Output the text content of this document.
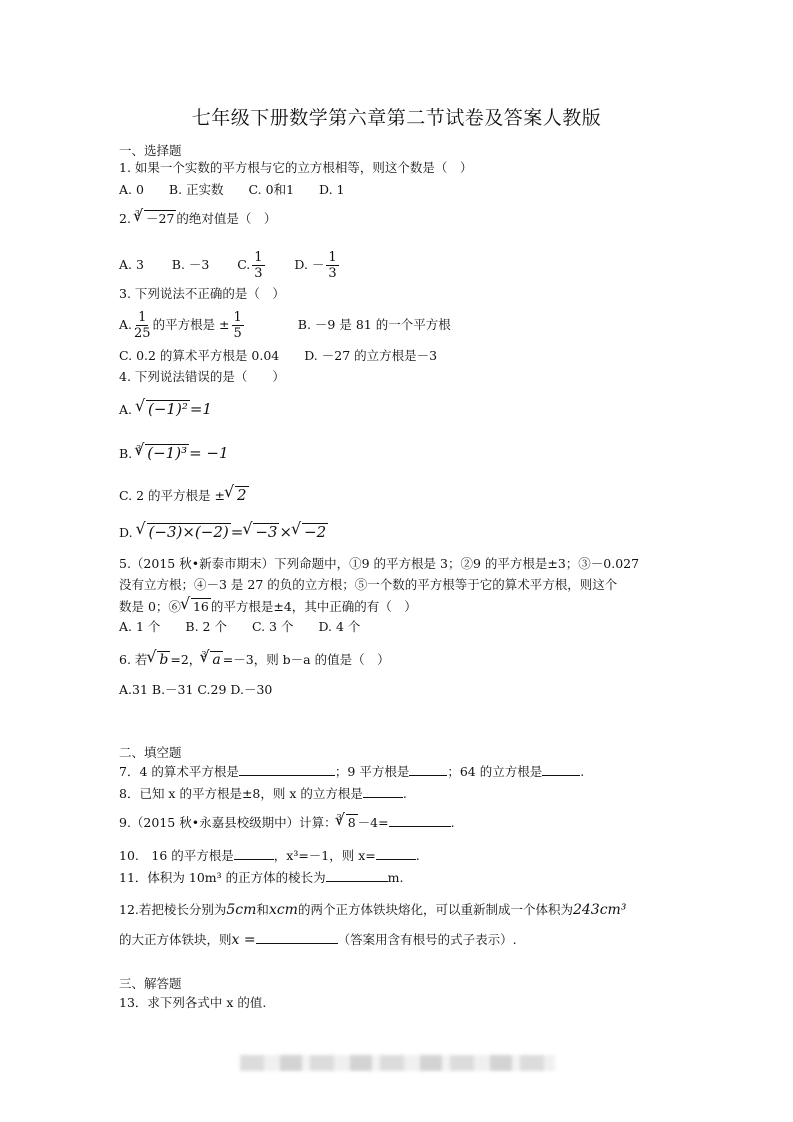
七年级下册数学第六章第二节试卷及答案人教版
一、选择题
1. 如果一个实数的平方根与它的立方根相等，则这个数是（　）
A. 0　　B. 正实数　　C. 0和1　　D. 1
2. $^3$ √ －27 的绝对值是（　）
A. 3 B. －3 C. $\frac{1}{3} D$. － $\frac{1}{3}$
3. 下列说法不正确的是（　）
A. $\frac{1}{25}$ 的平方根是 ± $\frac{1}{5}$	B. －9 是 81 的一个平方根
C. 0.2 的算术平方根是 0.04　　D. －27 的立方根是－3
4. 下列说法错误的是（　　）
A. √ (−1)² =1
B. $^3$ √ (−1)³ = −1
C. 2 的平方根是 ± √ 2
D. √ (−3)×(−2) = √ −3 × √ −2
5.（2015 秋•新泰市期末）下列命题中，①9 的平方根是 3；②9 的平方根是±3；③－0.027
没有立方根；④－3 是 27 的负的立方根；⑤一个数的平方根等于它的算术平方根，则这个
数是 0；⑥ √ 16 的平方根是±4，其中正确的有（　）
A. 1 个　　B. 2 个　　C. 3 个　　D. 4 个
6. 若 √ b =2，$^3$ √ a =－3，则 b－a 的值是（　）
A.31 B.－31 C.29 D.－30
二、填空题
7．4 的算术平方根是	；9 平方根是	；64 的立方根是	.
8．已知 x 的平方根是±8，则 x 的立方根是	.
9.（2015 秋•永嘉县校级期中）计算：$^3$ √ 8 －4=	.
10.　16 的平方根是	，x³=－1，则 x=	.
11．体积为 10m³ 的正方体的棱长为	m.
12.若把棱长分别为5cm和xcm的两个正方体铁块熔化，可以重新制成一个体积为243cm³
的大正方体铁块，则x =	（答案用含有根号的式子表示）.
三、解答题
13．求下列各式中 x 的值.
